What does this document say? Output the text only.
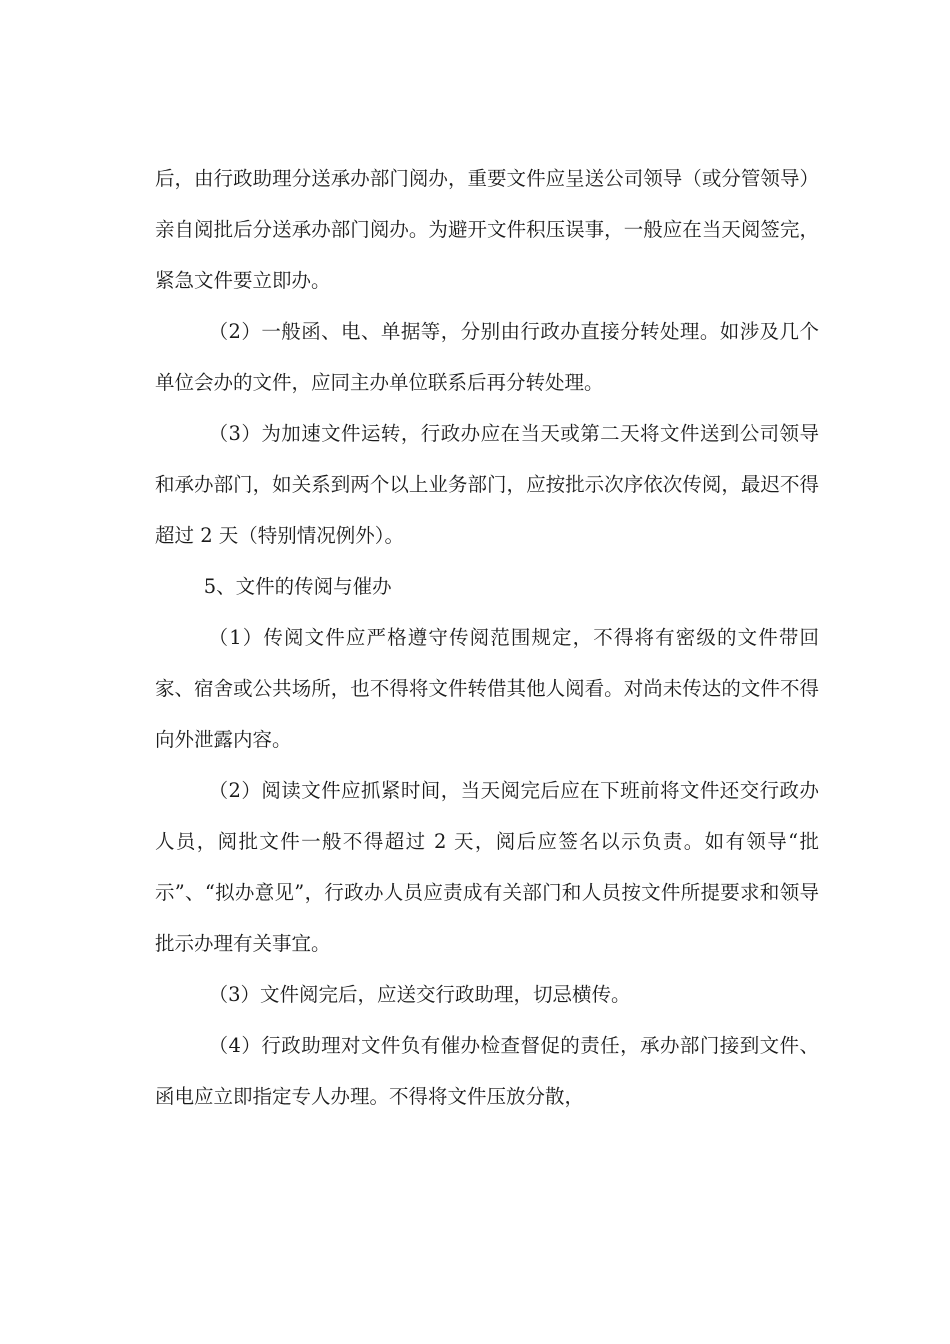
后，由行政助理分送承办部门阅办，重要文件应呈送公司领导（或分管领导）亲自阅批后分送承办部门阅办。为避开文件积压误事，一般应在当天阅签完，紧急文件要立即办。

（2）一般函、电、单据等，分别由行政办直接分转处理。如涉及几个单位会办的文件，应同主办单位联系后再分转处理。

（3）为加速文件运转，行政办应在当天或第二天将文件送到公司领导和承办部门，如关系到两个以上业务部门，应按批示次序依次传阅，最迟不得超过 2 天（特别情况例外）。

5、文件的传阅与催办

（1）传阅文件应严格遵守传阅范围规定，不得将有密级的文件带回家、宿舍或公共场所，也不得将文件转借其他人阅看。对尚未传达的文件不得向外泄露内容。

（2）阅读文件应抓紧时间，当天阅完后应在下班前将文件还交行政办人员，阅批文件一般不得超过 2 天，阅后应签名以示负责。如有领导“批示”、“拟办意见”，行政办人员应责成有关部门和人员按文件所提要求和领导批示办理有关事宜。

（3）文件阅完后，应送交行政助理，切忌横传。

（4）行政助理对文件负有催办检查督促的责任，承办部门接到文件、函电应立即指定专人办理。不得将文件压放分散，
